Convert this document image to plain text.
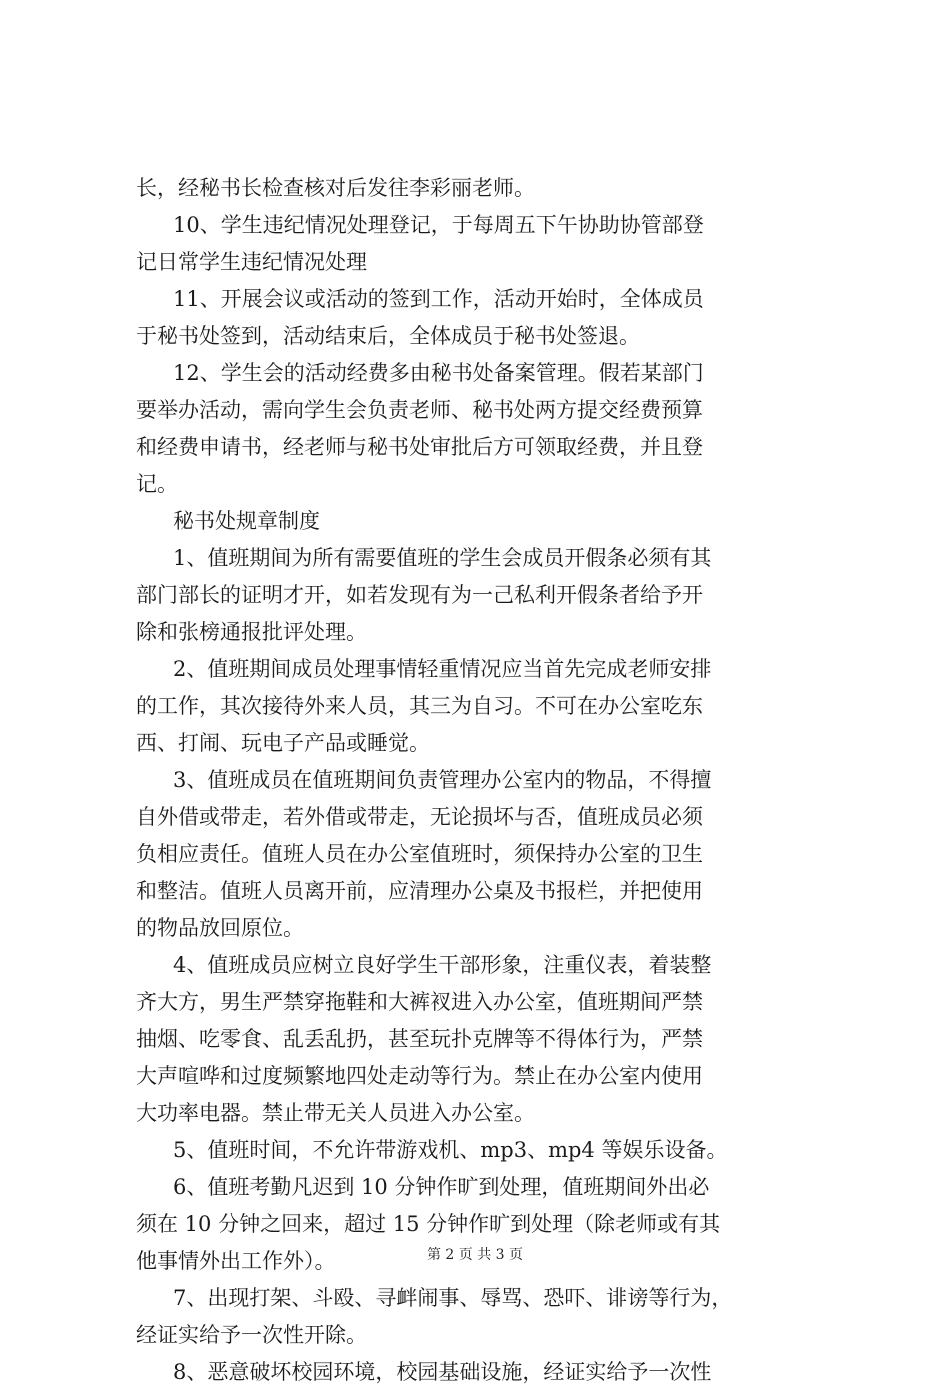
长，经秘书长检查核对后发往李彩丽老师。
10、学生违纪情况处理登记，于每周五下午协助协管部登
记日常学生违纪情况处理
11、开展会议或活动的签到工作，活动开始时，全体成员
于秘书处签到，活动结束后，全体成员于秘书处签退。
12、学生会的活动经费多由秘书处备案管理。假若某部门
要举办活动，需向学生会负责老师、秘书处两方提交经费预算
和经费申请书，经老师与秘书处审批后方可领取经费，并且登
记。
秘书处规章制度
1、值班期间为所有需要值班的学生会成员开假条必须有其
部门部长的证明才开，如若发现有为一己私利开假条者给予开
除和张榜通报批评处理。
2、值班期间成员处理事情轻重情况应当首先完成老师安排
的工作，其次接待外来人员，其三为自习。不可在办公室吃东
西、打闹、玩电子产品或睡觉。
3、值班成员在值班期间负责管理办公室内的物品，不得擅
自外借或带走，若外借或带走，无论损坏与否，值班成员必须
负相应责任。值班人员在办公室值班时，须保持办公室的卫生
和整洁。值班人员离开前，应清理办公桌及书报栏，并把使用
的物品放回原位。
4、值班成员应树立良好学生干部形象，注重仪表，着装整
齐大方，男生严禁穿拖鞋和大裤衩进入办公室，值班期间严禁
抽烟、吃零食、乱丢乱扔，甚至玩扑克牌等不得体行为，严禁
大声喧哗和过度频繁地四处走动等行为。禁止在办公室内使用
大功率电器。禁止带无关人员进入办公室。
5、值班时间，不允许带游戏机、mp3、mp4 等娱乐设备。
6、值班考勤凡迟到 10 分钟作旷到处理，值班期间外出必
须在 10 分钟之回来，超过 15 分钟作旷到处理（除老师或有其
他事情外出工作外）。
7、出现打架、斗殴、寻衅闹事、辱骂、恐吓、诽谤等行为，
经证实给予一次性开除。
8、恶意破坏校园环境，校园基础设施，经证实给予一次性
第 2 页 共 3 页
